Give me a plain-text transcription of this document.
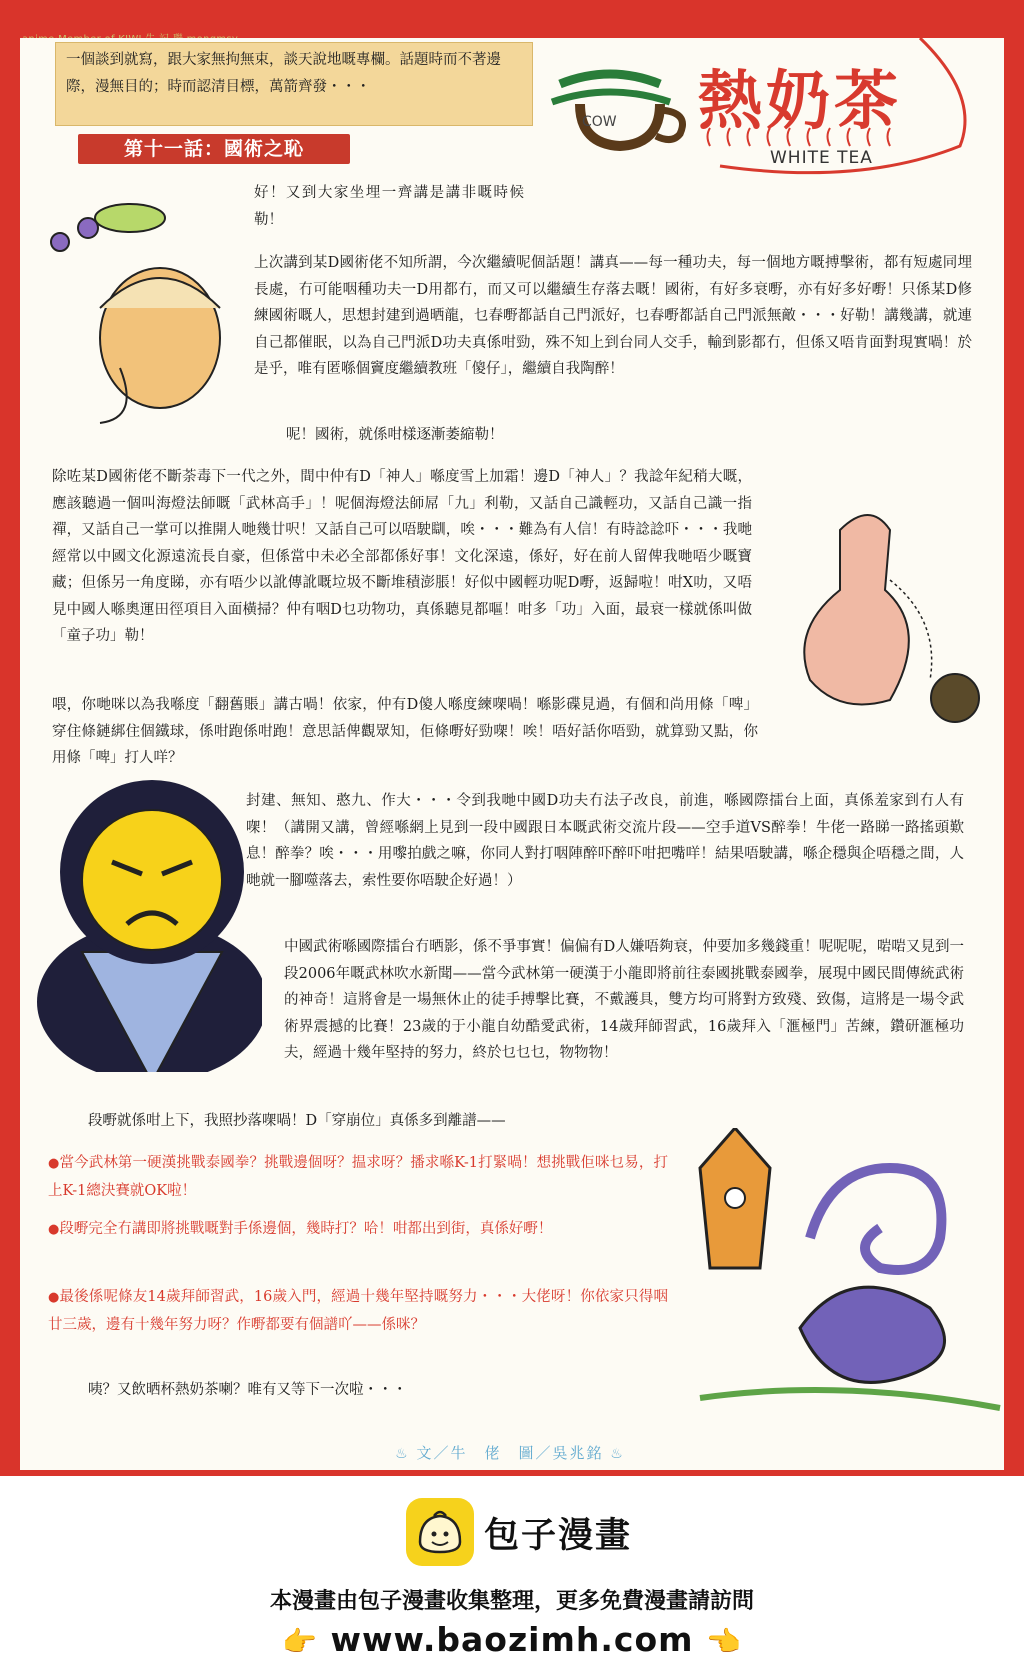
一個談到就寫，跟大家無拘無束，談天說地嘅專欄。話題時而不著邊際，漫無目的；時而認清目標，萬箭齊發・・・
第十一話：國術之恥
COW 熱奶茶
WHITE TEA

好！又到大家坐埋一齊講是講非嘅時候勒！

上次講到某D國術佬不知所謂，今次繼續呢個話題！講真——每一種功夫，每一個地方嘅搏擊術，都有短處同埋長處，冇可能咽種功夫一D用都冇，而又可以繼續生存落去嘅！國術，有好多衰嘢，亦有好多好嘢！只係某D修練國術嘅人，思想封建到過晒龍，乜春嘢都話自己門派好，乜春嘢都話自己門派無敵・・・好勒！講幾講，就連自己都催眠，以為自己門派D功夫真係咁勁，殊不知上到台同人交手，輸到影都冇，但係又唔肯面對現實喎！於是乎，唯有匿喺個竇度繼續教班「傻仔」，繼續自我陶醉！

呢！國術，就係咁樣逐漸萎縮勒！

除咗某D國術佬不斷荼毒下一代之外，間中仲有D「神人」喺度雪上加霜！邊D「神人」？我諗年紀稍大嘅，應該聽過一個叫海燈法師嘅「武林高手」！呢個海燈法師屌「九」利勒，又話自己識輕功，又話自己識一指禪，又話自己一掌可以推開人哋幾廿呎！又話自己可以唔駛瞓，唉・・・難為有人信！有時諗諗吓・・・我哋經常以中國文化源遠流長自豪，但係當中未必全部都係好事！文化深遠，係好，好在前人留俾我哋唔少嘅寶藏；但係另一角度睇，亦有唔少以訛傳訛嘅垃圾不斷堆積澎脹！好似中國輕功呢D嘢，返歸啦！咁X叻，又唔見中國人喺奧運田徑項目入面橫掃？仲有咽D乜功物功，真係聽見都嘔！咁多「功」入面，最衰一樣就係叫做「童子功」勒！

喂，你哋咪以為我喺度「翻舊賬」講古喎！依家，仲有D傻人喺度練㗎喎！喺影碟見過，有個和尚用條「啤」穿住條鏈綁住個鐵球，係咁跑係咁跑！意思話俾觀眾知，佢條嘢好勁㗎！唉！唔好話你唔勁，就算勁又點，你用條「啤」打人咩？

封建、無知、憨九、作大・・・令到我哋中國D功夫冇法子改良，前進，喺國際擂台上面，真係羞家到冇人有㗎！（講開又講，曾經喺網上見到一段中國跟日本嘅武術交流片段——空手道VS醉拳！牛佬一路睇一路搖頭歎息！醉拳？唉・・・用嚟拍戲之嘛，你同人對打咽陣醉吓醉吓咁把嘴咩！結果唔駛講，喺企穩與企唔穩之間，人哋就一腳噬落去，索性要你唔駛企好過！）

中國武術喺國際擂台冇晒影，係不爭事實！偏偏有D人嫌唔夠衰，仲要加多幾錢重！呢呢呢，啱啱又見到一段2006年嘅武林吹水新聞——當今武林第一硬漢于小龍即將前往泰國挑戰泰國拳，展現中國民間傳統武術的神奇！這將會是一場無休止的徒手搏擊比賽，不戴護具，雙方均可將對方致殘、致傷，這將是一場令武術界震撼的比賽！23歲的于小龍自幼酷愛武術，14歲拜師習武，16歲拜入「滙極門」苦練，鑽研滙極功夫，經過十幾年堅持的努力，終於乜乜乜，物物物！

段嘢就係咁上下，我照抄落㗎喎！D「穿崩位」真係多到離譜——

●當今武林第一硬漢挑戰泰國拳？挑戰邊個呀？揾求呀？播求喺K-1打緊喎！想挑戰佢咪乜易，打上K-1總決賽就OK啦！

●段嘢完全冇講即將挑戰嘅對手係邊個，幾時打？哈！咁都出到街，真係好嘢！

●最後係呢條友14歲拜師習武，16歲入門，經過十幾年堅持嘅努力・・・大佬呀！你依家只得咽廿三歲，邊有十幾年努力呀？作嘢都要有個譜吖——係咪？

咦？又飲晒杯熱奶茶喇？唯有又等下一次啦・・・

♨ 文／牛　佬　圖／吳兆銘 ♨
包子漫畫
本漫畫由包子漫畫收集整理，更多免費漫畫請訪問
👉 www.baozimh.com 👈
